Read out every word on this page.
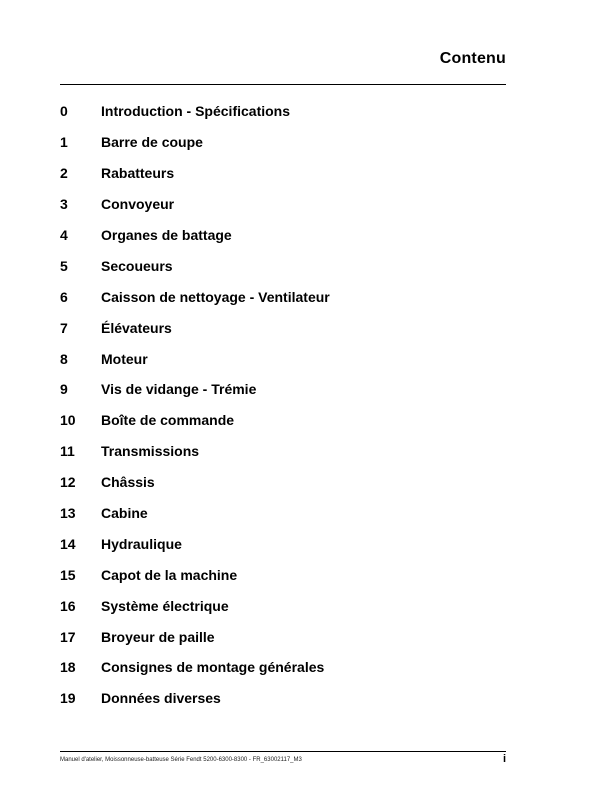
Contenu
0	Introduction - Spécifications
1	Barre de coupe
2	Rabatteurs
3	Convoyeur
4	Organes de battage
5	Secoueurs
6	Caisson de nettoyage - Ventilateur
7	Élévateurs
8	Moteur
9	Vis de vidange - Trémie
10	Boîte de commande
11	Transmissions
12	Châssis
13	Cabine
14	Hydraulique
15	Capot de la machine
16	Système électrique
17	Broyeur de paille
18	Consignes de montage générales
19	Données diverses
Manuel d'atelier, Moissonneuse-batteuse Série Fendt 5200-6300-8300 - FR_63002117_M3	i
